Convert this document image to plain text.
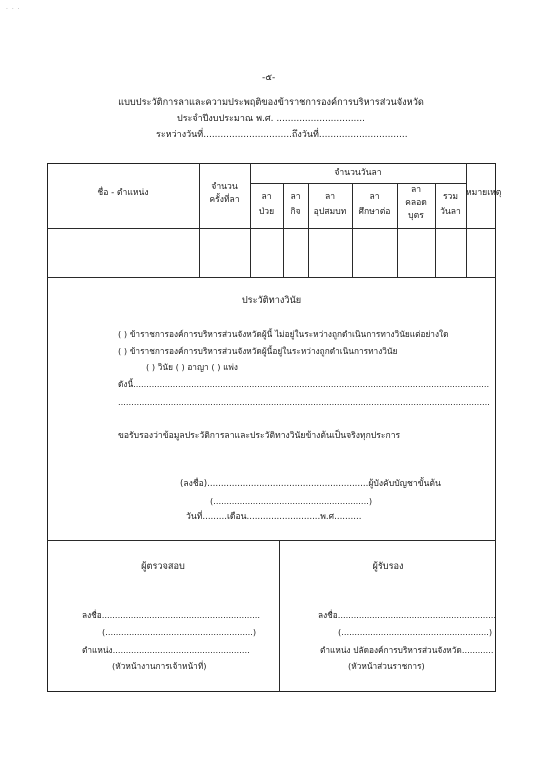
· · ·
-๕-
แบบประวัติการลาและความประพฤติของข้าราชการองค์การบริหารส่วนจังหวัด
ประจำปีงบประมาณ พ.ศ. ...............................
ระหว่างวันที่...............................ถึงวันที่...............................
ชื่อ - ตำแหน่ง
จำนวน
ครั้งที่ลา
จำนวนวันลา
หมายเหตุ
ลา
ป่วย
ลา
กิจ
ลา
อุปสมบท
ลา
ศึกษาต่อ
ลา
คลอด
บุตร
รวม
วันลา
ประวัติทางวินัย
( ) ข้าราชการองค์การบริหารส่วนจังหวัดผู้นี้ ไม่อยู่ในระหว่างถูกดำเนินการทางวินัยแต่อย่างใด
( ) ข้าราชการองค์การบริหารส่วนจังหวัดผู้นี้อยู่ในระหว่างถูกดำเนินการทางวินัย
( ) วินัย ( ) อาญา ( ) แพ่ง
ดังนี้.......................................................................................................................................
.............................................................................................................................................
ขอรับรองว่าข้อมูลประวัติการลาและประวัติทางวินัยข้างต้นเป็นจริงทุกประการ
(ลงชื่อ)...........................................................ผู้บังคับบัญชาขั้นต้น
(...........................................................)
วันที่.........เดือน...........................พ.ศ..........
ผู้ตรวจสอบ
ลงชื่อ............................................................
(........................................................)
ตำแหน่ง....................................................
(หัวหน้างานการเจ้าหน้าที่)
ผู้รับรอง
ลงชื่อ............................................................
(........................................................)
ตำแหน่ง ปลัดองค์การบริหารส่วนจังหวัด............
(หัวหน้าส่วนราชการ)
